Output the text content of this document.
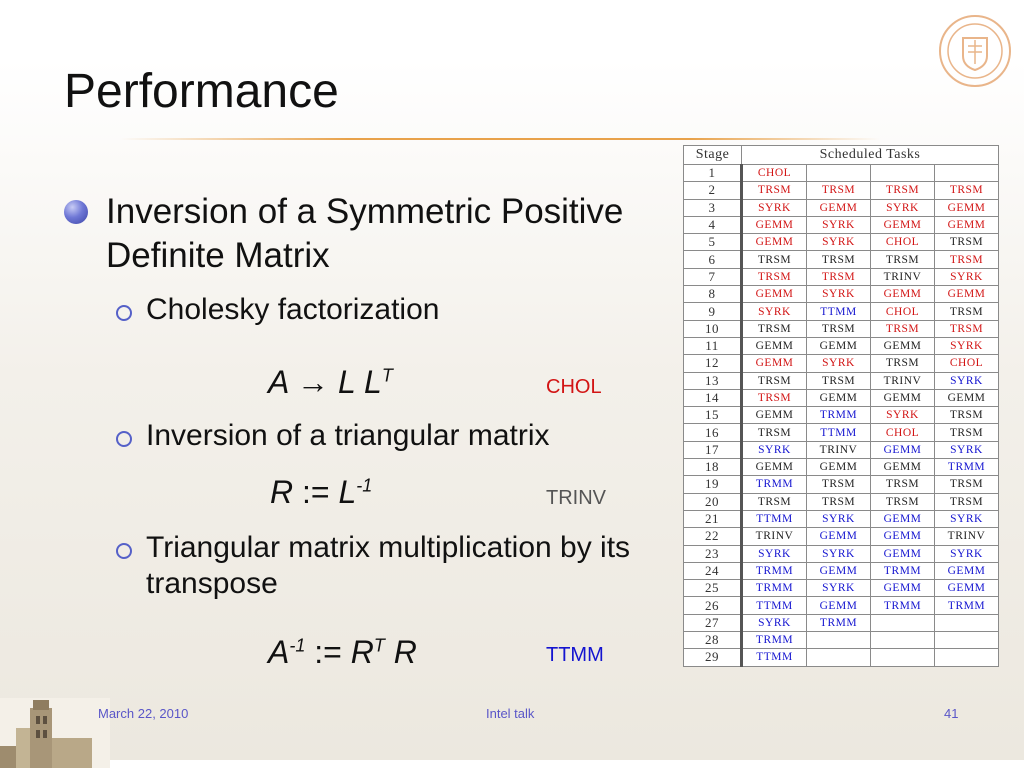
Performance
Inversion of a Symmetric Positive Definite Matrix
Cholesky factorization
A → L $L^T$
CHOL
Inversion of a triangular matrix
R := $L^{-1}$
TRINV
Triangular matrix multiplication by its transpose
$A^{-1}$ := $R^T$ R	TTMM
Stage	Scheduled Tasks			
1	CHOL			
2	TRSM	TRSM	TRSM	TRSM
3	SYRK	GEMM	SYRK	GEMM
4	GEMM	SYRK	GEMM	GEMM
5	GEMM	SYRK	CHOL	TRSM
6	TRSM	TRSM	TRSM	TRSM
7	TRSM	TRSM	TRINV	SYRK
8	GEMM	SYRK	GEMM	GEMM
9	SYRK	TTMM	CHOL	TRSM
10	TRSM	TRSM	TRSM	TRSM
11	GEMM	GEMM	GEMM	SYRK
12	GEMM	SYRK	TRSM	CHOL
13	TRSM	TRSM	TRINV	SYRK
14	TRSM	GEMM	GEMM	GEMM
15	GEMM	TRMM	SYRK	TRSM
16	TRSM	TTMM	CHOL	TRSM
17	SYRK	TRINV	GEMM	SYRK
18	GEMM	GEMM	GEMM	TRMM
19	TRMM	TRSM	TRSM	TRSM
20	TRSM	TRSM	TRSM	TRSM
21	TTMM	SYRK	GEMM	SYRK
22	TRINV	GEMM	GEMM	TRINV
23	SYRK	SYRK	GEMM	SYRK
24	TRMM	GEMM	TRMM	GEMM
25	TRMM	SYRK	GEMM	GEMM
26	TTMM	GEMM	TRMM	TRMM
27	SYRK	TRMM		
28	TRMM			
29	TTMM			
March 22, 2010	Intel talk	41
